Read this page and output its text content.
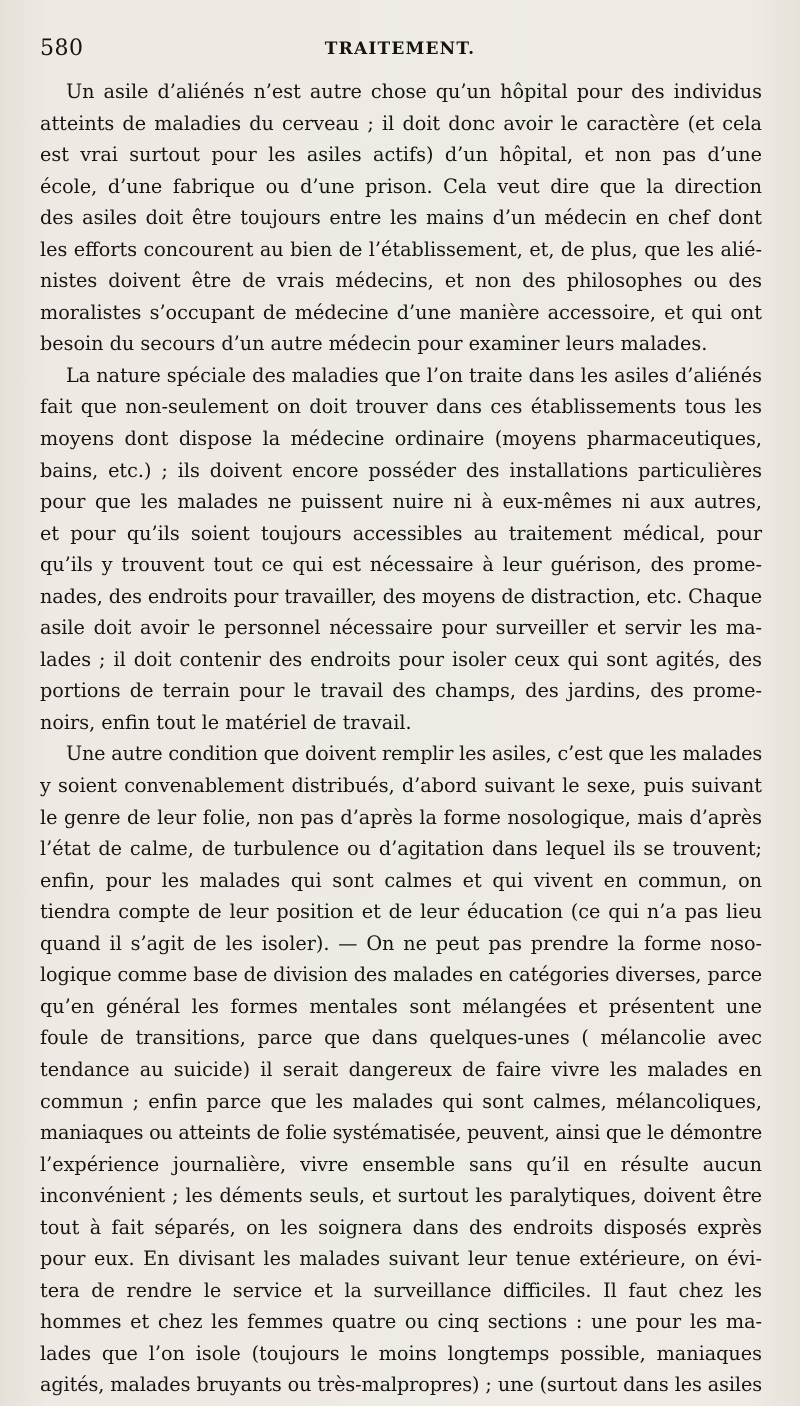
580	TRAITEMENT.
Un asile d’aliénés n’est autre chose qu’un hôpital pour des individus
atteints de maladies du cerveau ; il doit donc avoir le caractère (et cela
est vrai surtout pour les asiles actifs) d’un hôpital, et non pas d’une
école, d’une fabrique ou d’une prison. Cela veut dire que la direction
des asiles doit être toujours entre les mains d’un médecin en chef dont
les efforts concourent au bien de l’établissement, et, de plus, que les alié-
nistes doivent être de vrais médecins, et non des philosophes ou des
moralistes s’occupant de médecine d’une manière accessoire, et qui ont
besoin du secours d’un autre médecin pour examiner leurs malades.
La nature spéciale des maladies que l’on traite dans les asiles d’aliénés
fait que non-seulement on doit trouver dans ces établissements tous les
moyens dont dispose la médecine ordinaire (moyens pharmaceutiques,
bains, etc.) ; ils doivent encore posséder des installations particulières
pour que les malades ne puissent nuire ni à eux-mêmes ni aux autres,
et pour qu’ils soient toujours accessibles au traitement médical, pour
qu’ils y trouvent tout ce qui est nécessaire à leur guérison, des prome-
nades, des endroits pour travailler, des moyens de distraction, etc. Chaque
asile doit avoir le personnel nécessaire pour surveiller et servir les ma-
lades ; il doit contenir des endroits pour isoler ceux qui sont agités, des
portions de terrain pour le travail des champs, des jardins, des prome-
noirs, enfin tout le matériel de travail.
Une autre condition que doivent remplir les asiles, c’est que les malades
y soient convenablement distribués, d’abord suivant le sexe, puis suivant
le genre de leur folie, non pas d’après la forme nosologique, mais d’après
l’état de calme, de turbulence ou d’agitation dans lequel ils se trouvent;
enfin, pour les malades qui sont calmes et qui vivent en commun, on
tiendra compte de leur position et de leur éducation (ce qui n’a pas lieu
quand il s’agit de les isoler). — On ne peut pas prendre la forme noso-
logique comme base de division des malades en catégories diverses, parce
qu’en général les formes mentales sont mélangées et présentent une
foule de transitions, parce que dans quelques-unes ( mélancolie avec
tendance au suicide) il serait dangereux de faire vivre les malades en
commun ; enfin parce que les malades qui sont calmes, mélancoliques,
maniaques ou atteints de folie systématisée, peuvent, ainsi que le démontre
l’expérience journalière, vivre ensemble sans qu’il en résulte aucun
inconvénient ; les déments seuls, et surtout les paralytiques, doivent être
tout à fait séparés, on les soignera dans des endroits disposés exprès
pour eux. En divisant les malades suivant leur tenue extérieure, on évi-
tera de rendre le service et la surveillance difficiles. Il faut chez les
hommes et chez les femmes quatre ou cinq sections : une pour les ma-
lades que l’on isole (toujours le moins longtemps possible, maniaques
agités, malades bruyants ou très-malpropres) ; une (surtout dans les asiles
